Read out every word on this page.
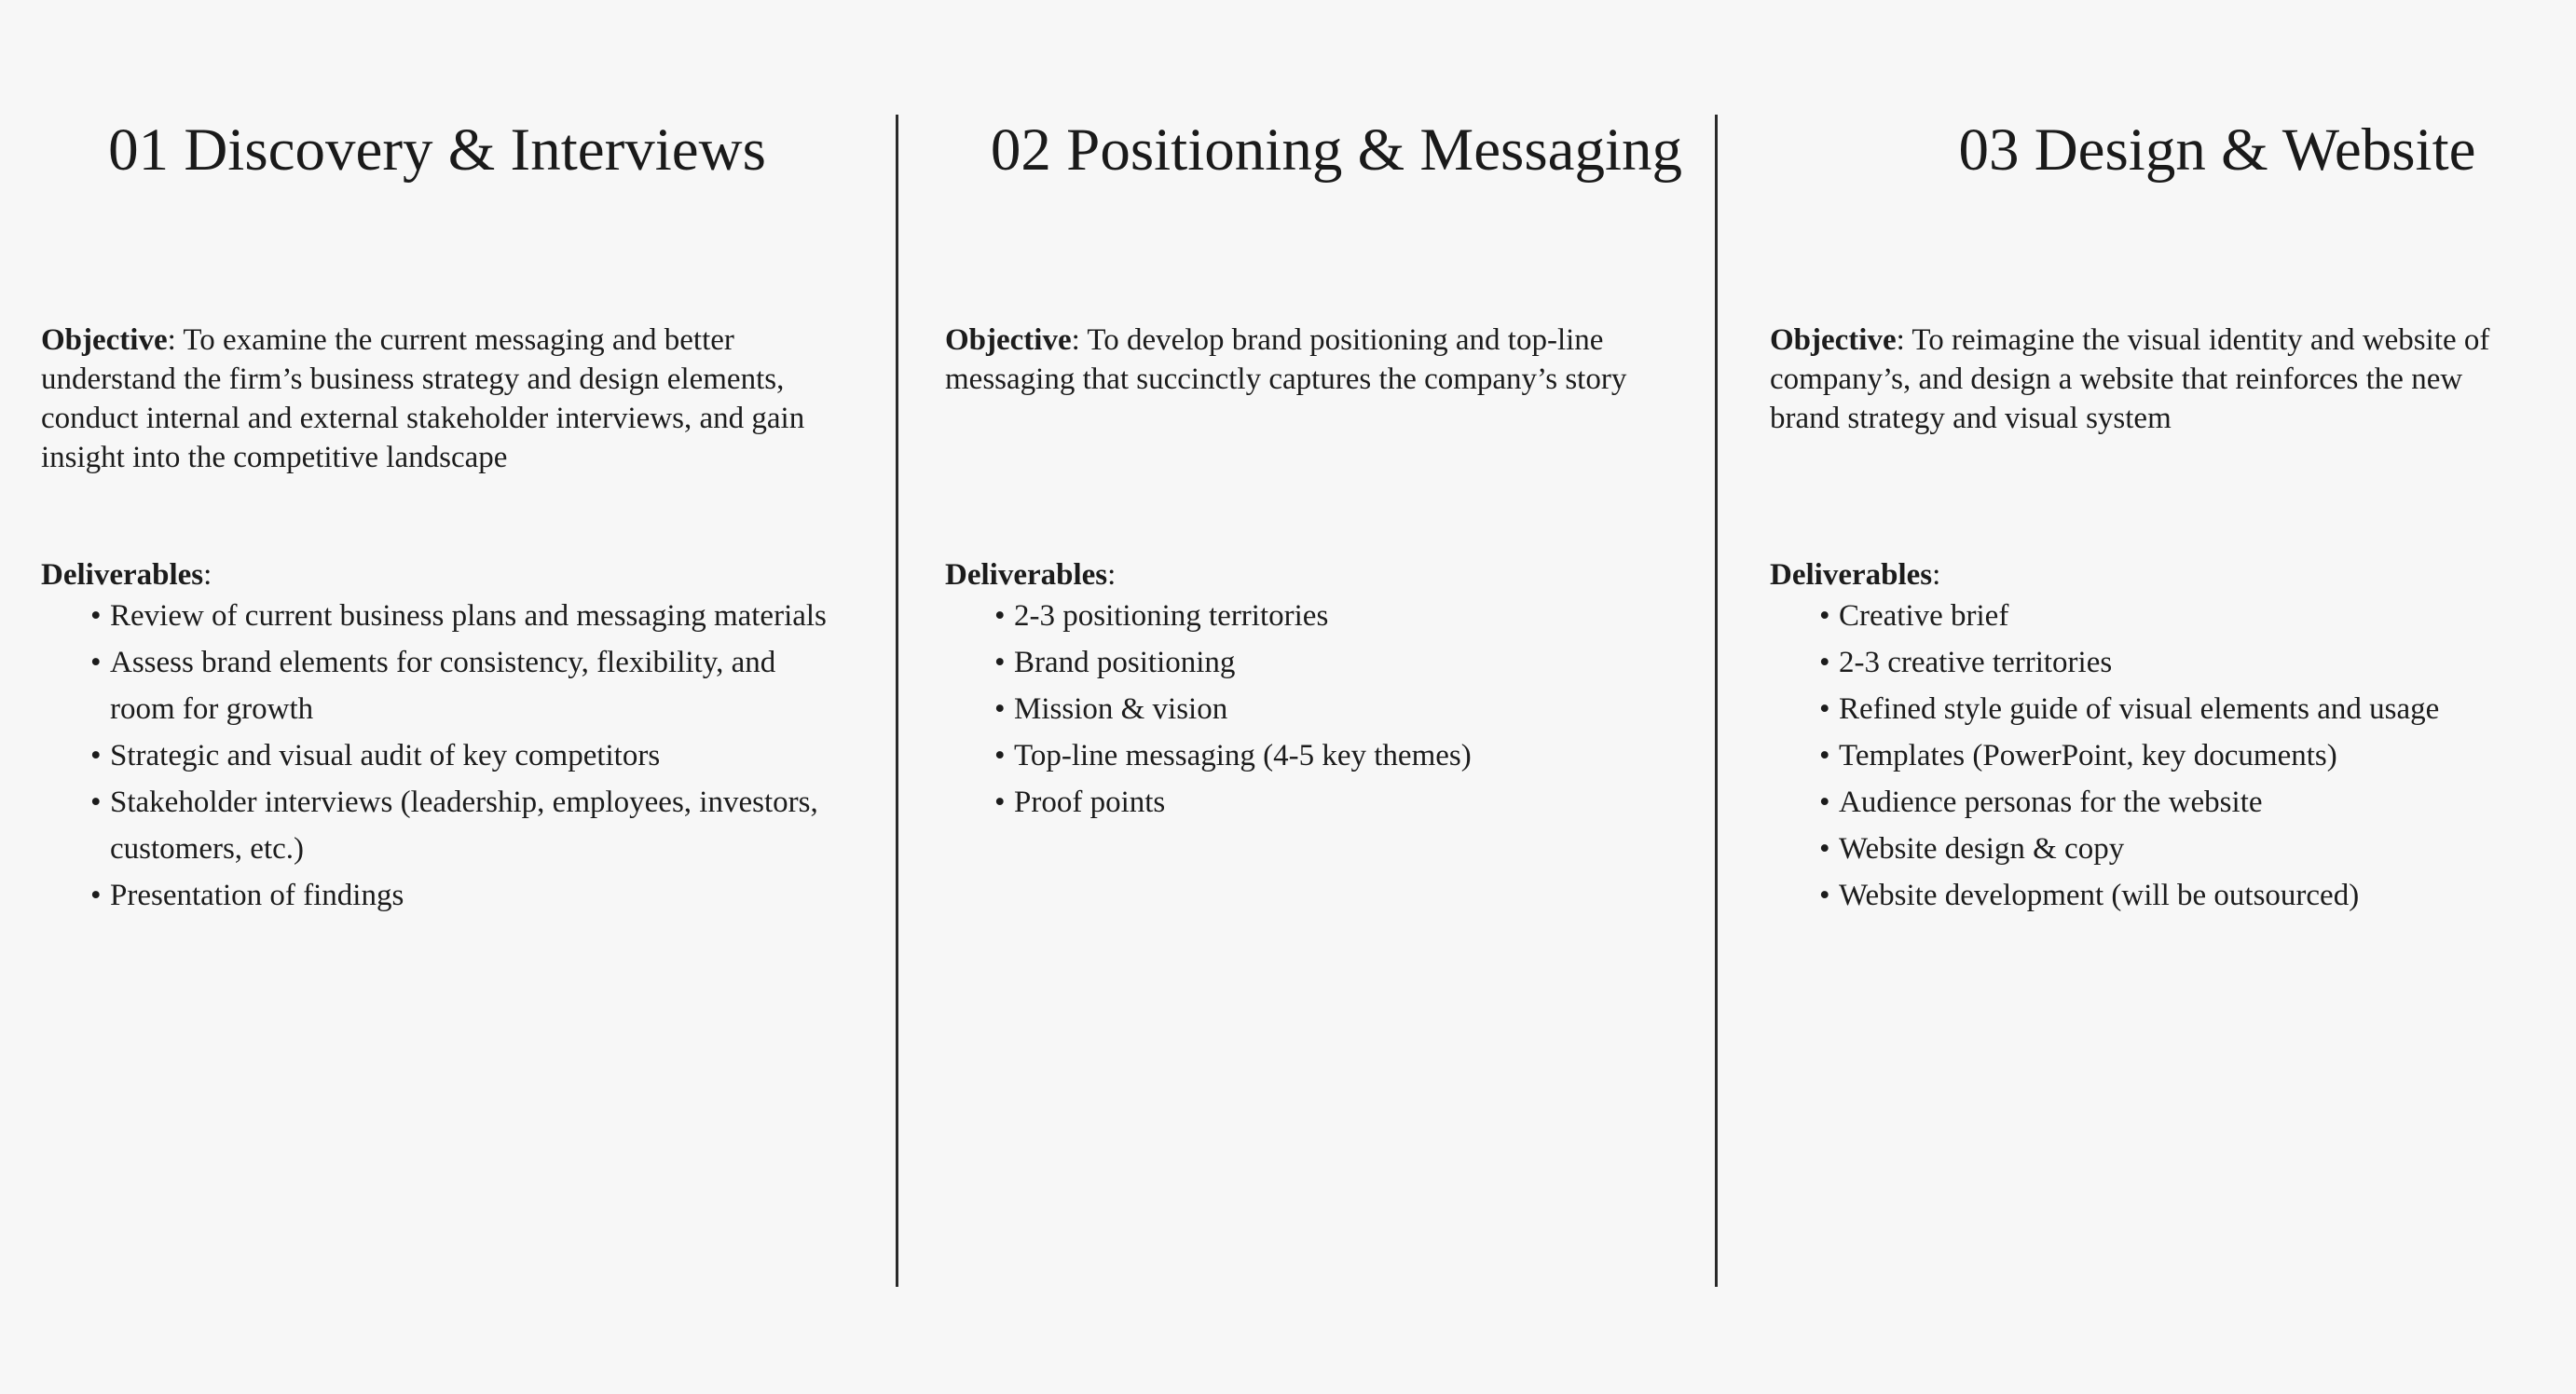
01 Discovery & Interviews

Objective: To examine the current messaging and better understand the firm’s business strategy and design elements, conduct internal and external stakeholder interviews, and gain insight into the competitive landscape

Deliverables:

• Review of current business plans and messaging materials
• Assess brand elements for consistency, flexibility, and room for growth
• Strategic and visual audit of key competitors
• Stakeholder interviews (leadership, employees, investors, customers, etc.)
• Presentation of findings
02 Positioning & Messaging

Objective: To develop brand positioning and top-line messaging that succinctly captures the company’s story

Deliverables:

• 2-3 positioning territories
• Brand positioning
• Mission & vision
• Top-line messaging (4-5 key themes)
• Proof points
03 Design & Website

Objective: To reimagine the visual identity and website of company’s, and design a website that reinforces the new brand strategy and visual system

Deliverables:

• Creative brief
• 2-3 creative territories
• Refined style guide of visual elements and usage
• Templates (PowerPoint, key documents)
• Audience personas for the website
• Website design & copy
• Website development (will be outsourced)
